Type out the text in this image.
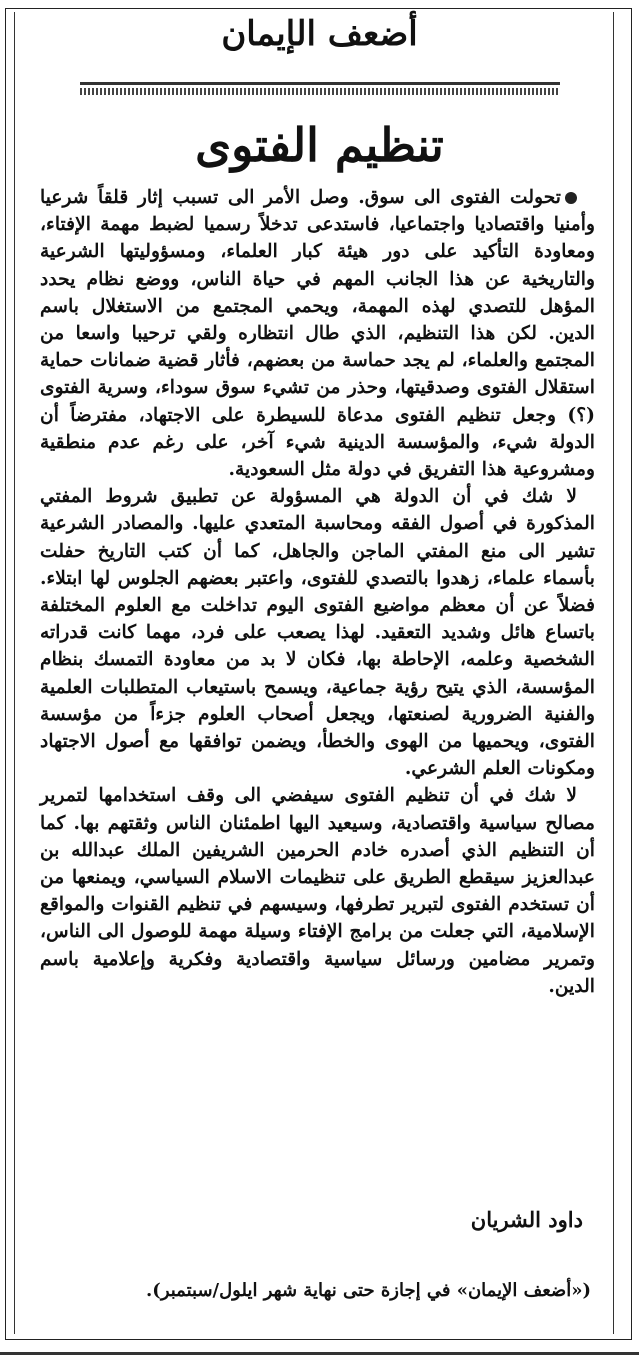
أضعف الإيمان
تنظيم الفتوى

تحولت الفتوى الى سوق. وصل الأمر الى تسبب إثار قلقاً شرعيا وأمنيا واقتصاديا واجتماعيا، فاستدعى تدخلاً رسميا لضبط مهمة الإفتاء، ومعاودة التأكيد على دور هيئة كبار العلماء، ومسؤوليتها الشرعية والتاريخية عن هذا الجانب المهم في حياة الناس، ووضع نظام يحدد المؤهل للتصدي لهذه المهمة، ويحمي المجتمع من الاستغلال باسم الدين. لكن هذا التنظيم، الذي طال انتظاره ولقي ترحيبا واسعا من المجتمع والعلماء، لم يجد حماسة من بعضهم، فأثار قضية ضمانات حماية استقلال الفتوى وصدقيتها، وحذر من تشيء سوق سوداء، وسرية الفتوى (؟) وجعل تنظيم الفتوى مدعاة للسيطرة على الاجتهاد، مفترضاً أن الدولة شيء، والمؤسسة الدينية شيء آخر، على رغم عدم منطقية ومشروعية هذا التفريق في دولة مثل السعودية.

لا شك في أن الدولة هي المسؤولة عن تطبيق شروط المفتي المذكورة في أصول الفقه ومحاسبة المتعدي عليها. والمصادر الشرعية تشير الى منع المفتي الماجن والجاهل، كما أن كتب التاريخ حفلت بأسماء علماء، زهدوا بالتصدي للفتوى، واعتبر بعضهم الجلوس لها ابتلاء. فضلاً عن أن معظم مواضيع الفتوى اليوم تداخلت مع العلوم المختلفة باتساع هائل وشديد التعقيد. لهذا يصعب على فرد، مهما كانت قدراته الشخصية وعلمه، الإحاطة بها، فكان لا بد من معاودة التمسك بنظام المؤسسة، الذي يتيح رؤية جماعية، ويسمح باستيعاب المتطلبات العلمية والفنية الضرورية لصنعتها، ويجعل أصحاب العلوم جزءاً من مؤسسة الفتوى، ويحميها من الهوى والخطأ، ويضمن توافقها مع أصول الاجتهاد ومكونات العلم الشرعي.

لا شك في أن تنظيم الفتوى سيفضي الى وقف استخدامها لتمرير مصالح سياسية واقتصادية، وسيعيد اليها اطمئنان الناس وثقتهم بها. كما أن التنظيم الذي أصدره خادم الحرمين الشريفين الملك عبدالله بن عبدالعزيز سيقطع الطريق على تنظيمات الاسلام السياسي، ويمنعها من أن تستخدم الفتوى لتبرير تطرفها، وسيسهم في تنظيم القنوات والمواقع الإسلامية، التي جعلت من برامج الإفتاء وسيلة مهمة للوصول الى الناس، وتمرير مضامين ورسائل سياسية واقتصادية وفكرية وإعلامية باسم الدين.

داود الشريان
(«أضعف الإيمان» في إجازة حتى نهاية شهر ايلول/سبتمبر).
